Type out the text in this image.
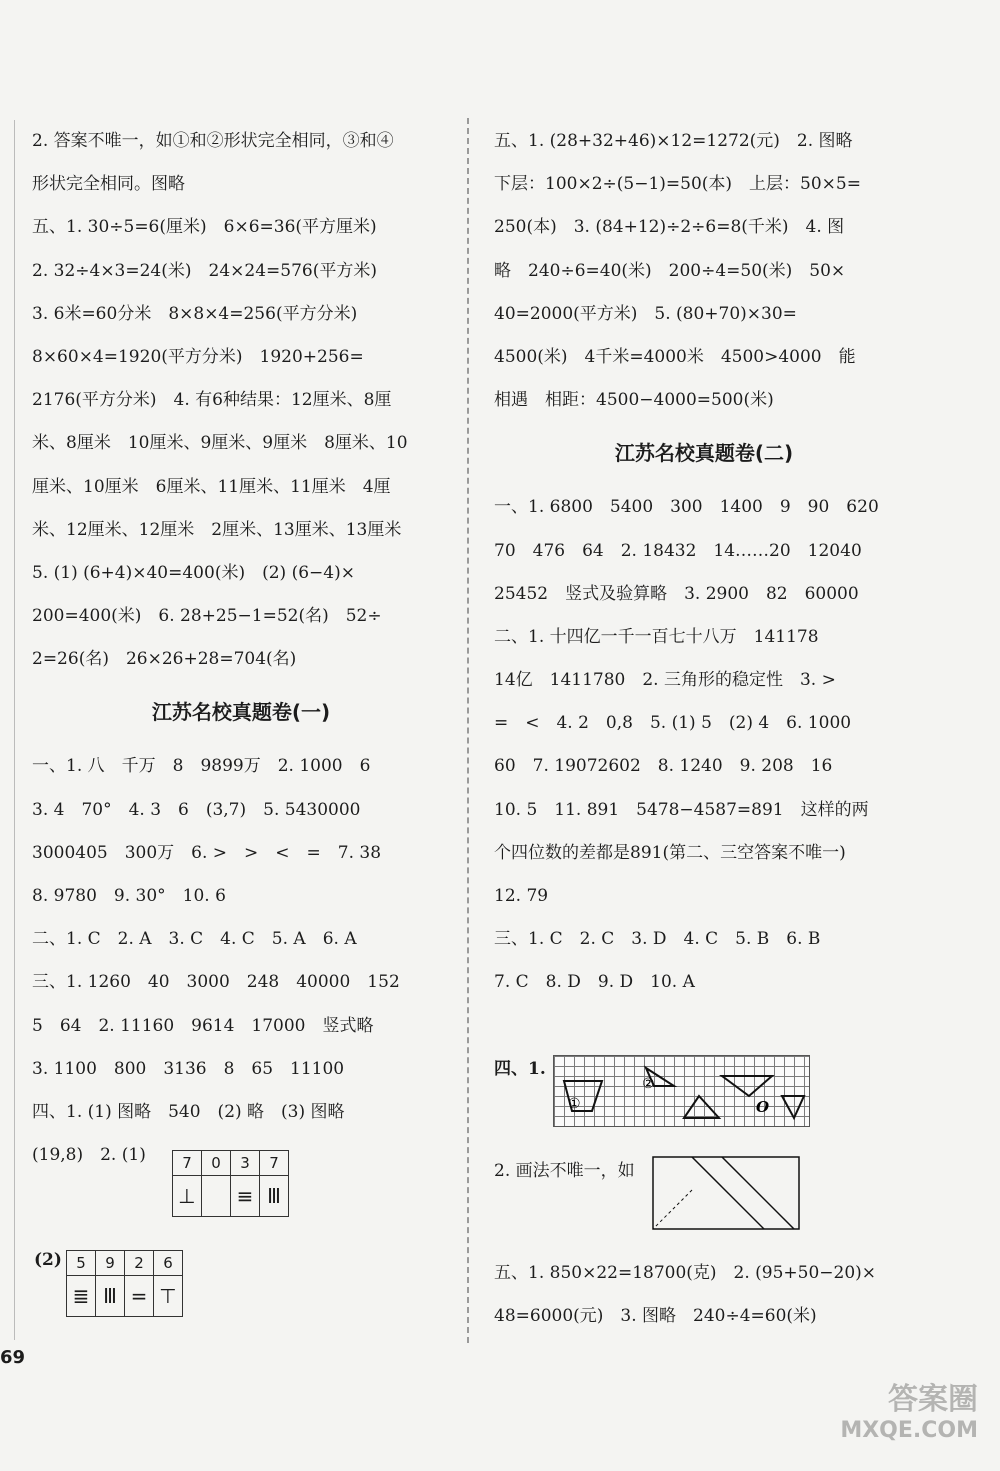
2. 答案不唯一，如①和②形状完全相同，③和④
形状完全相同。图略
五、1. 30÷5=6(厘米)　6×6=36(平方厘米)
2. 32÷4×3=24(米)　24×24=576(平方米)
3. 6米=60分米　8×8×4=256(平方分米)
8×60×4=1920(平方分米)　1920+256=
2176(平方分米)　4. 有6种结果：12厘米、8厘
米、8厘米　10厘米、9厘米、9厘米　8厘米、10
厘米、10厘米　6厘米、11厘米、11厘米　4厘
米、12厘米、12厘米　2厘米、13厘米、13厘米
5. (1) (6+4)×40=400(米)　(2) (6−4)×
200=400(米)　6. 28+25−1=52(名)　52÷
2=26(名)　26×26+28=704(名)
江苏名校真题卷(一)
一、1. 八　千万　8　9899万　2. 1000　6
3. 4　70°　4. 3　6　(3,7)　5. 5430000
3000405　300万　6. >　>　<　=　7. 38
8. 9780　9. 30°　10. 6
二、1. C　2. A　3. C　4. C　5. A　6. A
三、1. 1260　40　3000　248　40000　152
5　64　2. 11160　9614　17000　竖式略
3. 1100　800　3136　8　65　11100
四、1. (1) 图略　540　(2) 略　(3) 图略
(19,8)　2. (1)	7	0	3	7
⊥		≡	Ⅲ
(2) 5	9	2	6
≣	Ⅲ	=	⊤
五、1. (28+32+46)×12=1272(元)　2. 图略
下层：100×2÷(5−1)=50(本)　上层：50×5=
250(本)　3. (84+12)÷2÷6=8(千米)　4. 图
略　240÷6=40(米)　200÷4=50(米)　50×
40=2000(平方米)　5. (80+70)×30=
4500(米)　4千米=4000米　4500>4000　能
相遇　相距：4500−4000=500(米)
江苏名校真题卷(二)
一、1. 6800　5400　300　1400　9　90　620
70　476　64　2. 18432　14……20　12040
25452　竖式及验算略　3. 2900　82　60000
二、1. 十四亿一千一百七十八万　141178
14亿　1411780　2. 三角形的稳定性　3. >
=　<　4. 2　0,8　5. (1) 5　(2) 4　6. 1000
60　7. 19072602　8. 1240　9. 208　16
10. 5　11. 891　5478−4587=891　这样的两
个四位数的差都是891(第二、三空答案不唯一)
12. 79
三、1. C　2. C　3. D　4. C　5. B　6. B
7. C　8. D　9. D　10. A
四、1.
①
②
O
2. 画法不唯一，如
五、1. 850×22=18700(克)　2. (95+50−20)×
48=6000(元)　3. 图略　240÷4=60(米)
69
答案圈
MXQE.COM
